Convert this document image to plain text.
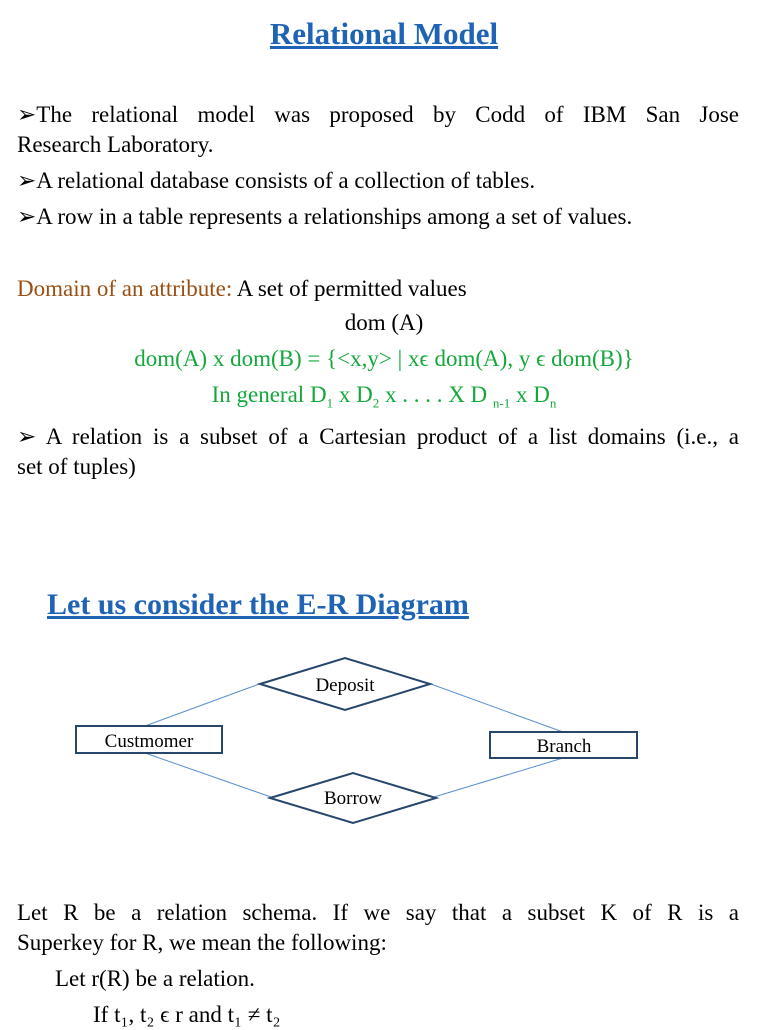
Relational Model
➢The relational model was proposed by Codd of IBM San Jose
Research Laboratory.
➢A relational database consists of a collection of tables.
➢A row in a table represents a relationships among a set of values.
Domain of an attribute: A set of permitted values
dom (A)
dom(A) x dom(B) = {<x,y> | xϵ dom(A), y ϵ dom(B)}
In general $D_1$ x $D_2$ x . . . . X D $_{n-1}$ x $D_n$
➢ A relation is a subset of a Cartesian product of a list domains (i.e., a
set of tuples)
Let us consider the E-R Diagram
Deposit
Borrow
Custmomer	Branch
Let R be a relation schema. If we say that a subset K of R is a
Superkey for R, we mean the following:
Let r(R) be a relation.
If t₁, t₂ ϵ r and t₁ ≠ t₂
